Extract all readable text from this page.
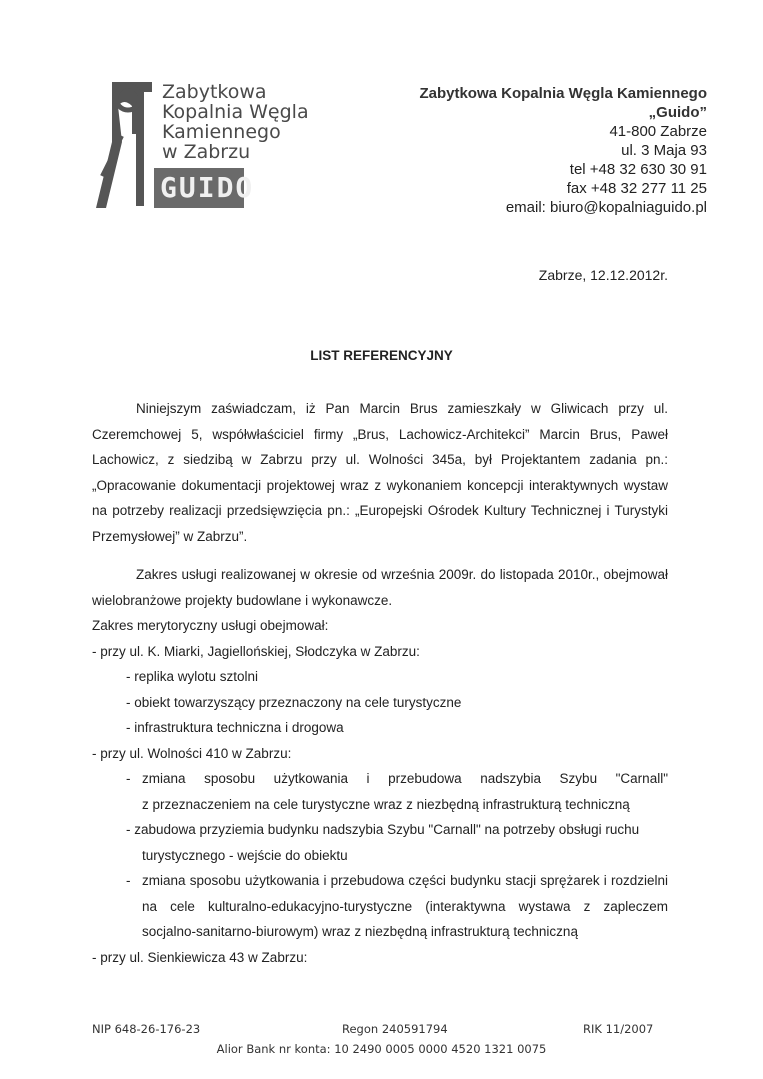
Zabytkowa
Kopalnia Węgla
Kamiennego
w Zabrzu
GUIDO
Zabytkowa Kopalnia Węgla Kamiennego
„Guido”
41-800 Zabrze
ul. 3 Maja 93
tel +48 32 630 30 91
fax +48 32 277 11 25
email: biuro@kopalniaguido.pl
Zabrze, 12.12.2012r.
LIST REFERENCYJNY

Niniejszym zaświadczam, iż Pan Marcin Brus zamieszkały w Gliwicach przy ul. Czeremchowej 5, współwłaściciel firmy „Brus, Lachowicz-Architekci” Marcin Brus, Paweł Lachowicz, z siedzibą w Zabrzu przy ul. Wolności 345a, był Projektantem zadania pn.: „Opracowanie dokumentacji projektowej wraz z wykonaniem koncepcji interaktywnych wystaw na potrzeby realizacji przedsięwzięcia pn.: „Europejski Ośrodek Kultury Technicznej i Turystyki Przemysłowej” w Zabrzu”.

Zakres usługi realizowanej w okresie od września 2009r. do listopada 2010r., obejmował wielobranżowe projekty budowlane i wykonawcze.

Zakres merytoryczny usługi obejmował:
- przy ul. K. Miarki, Jagiellońskiej, Słodczyka w Zabrzu:
- replika wylotu sztolni
- obiekt towarzyszący przeznaczony na cele turystyczne
- infrastruktura techniczna i drogowa
- przy ul. Wolności 410 w Zabrzu:
- zmiana sposobu użytkowania i przebudowa nadszybia Szybu "Carnall"
z przeznaczeniem na cele turystyczne wraz z niezbędną infrastrukturą techniczną
- zabudowa przyziemia budynku nadszybia Szybu "Carnall" na potrzeby obsługi ruchu
turystycznego - wejście do obiektu
- zmiana sposobu użytkowania i przebudowa części budynku stacji sprężarek i rozdzielni na cele kulturalno-edukacyjno-turystyczne (interaktywna wystawa z zapleczem socjalno-sanitarno-biurowym) wraz z niezbędną infrastrukturą techniczną
- przy ul. Sienkiewicza 43 w Zabrzu:
NIP 648-26-176-23	Regon 240591794	RIK 11/2007
Alior Bank nr konta: 10 2490 0005 0000 4520 1321 0075
